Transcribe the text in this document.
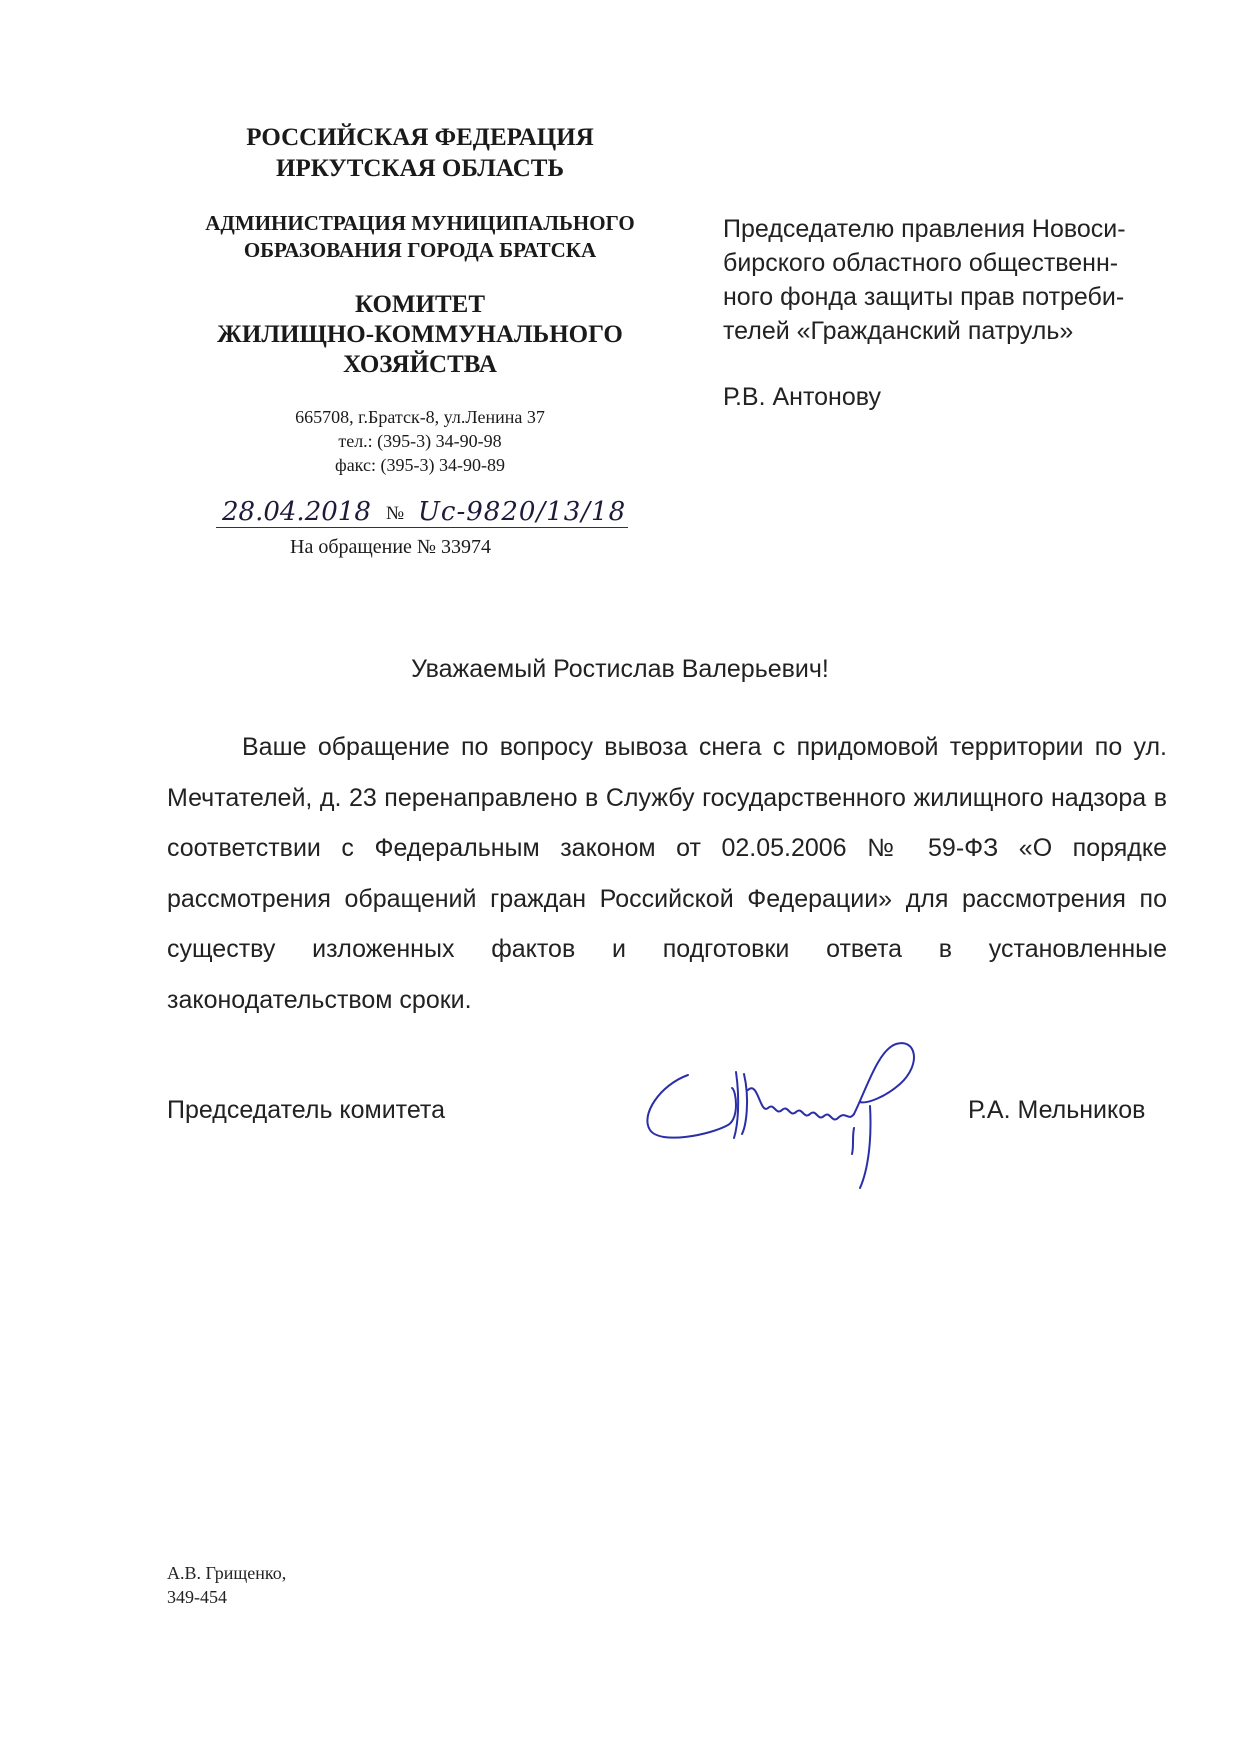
РОССИЙСКАЯ ФЕДЕРАЦИЯ
ИРКУТСКАЯ ОБЛАСТЬ
АДМИНИСТРАЦИЯ МУНИЦИПАЛЬНОГО
ОБРАЗОВАНИЯ ГОРОДА БРАТСКА
КОМИТЕТ
ЖИЛИЩНО-КОММУНАЛЬНОГО
ХОЗЯЙСТВА
665708, г.Братск-8, ул.Ленина 37
тел.: (395-3) 34-90-98
факс: (395-3) 34-90-89
28.04.2018 № Uc-9820/13/18
На обращение № 33974
Председателю правления Новоси-
бирского областного общественн-
ного фонда защиты прав потреби-
телей «Гражданский патруль»
Р.В. Антонову
Уважаемый Ростислав Валерьевич!

Ваше обращение по вопросу вывоза снега с придомовой территории по ул. Мечтателей, д. 23 перенаправлено в Службу государственного жилищного надзора в соответствии с Федеральным законом от 02.05.2006 № 59-ФЗ «О порядке рассмотрения обращений граждан Российской Федерации» для рассмотрения по существу изложенных фактов и подготовки ответа в установленные законодательством сроки.

Председатель комитета	Р.А. Мельников
А.В. Грищенко,
349-454
